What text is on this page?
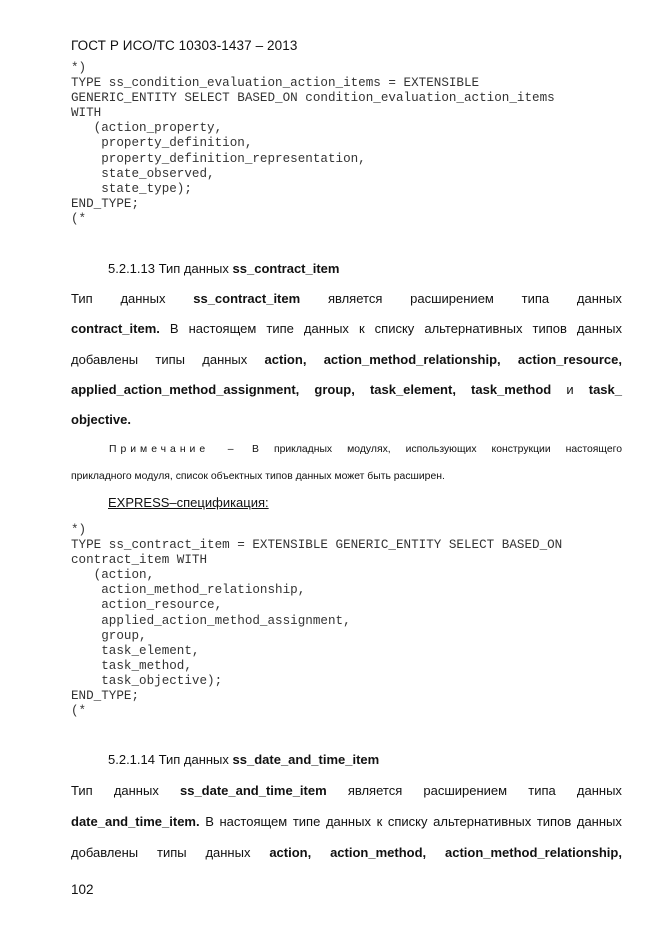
ГОСТ Р ИСО/ТС 10303-1437 – 2013
*)
TYPE ss_condition_evaluation_action_items = EXTENSIBLE
GENERIC_ENTITY SELECT BASED_ON condition_evaluation_action_items
WITH
(action_property,
property_definition,
property_definition_representation,
state_observed,
state_type);
END_TYPE;
(*
5.2.1.13 Тип данных ss_contract_item
Тип данных ss_contract_item является расширением типа данных
contract_item. В настоящем типе данных к списку альтернативных типов данных
добавлены типы данных action, action_method_relationship, action_resource,
applied_action_method_assignment, group, task_element, task_method и task_
objective.
Примечание – В прикладных модулях, использующих конструкции настоящего
прикладного модуля, список объектных типов данных может быть расширен.
EXPRESS–спецификация:
*)
TYPE ss_contract_item = EXTENSIBLE GENERIC_ENTITY SELECT BASED_ON
contract_item WITH
(action,
action_method_relationship,
action_resource,
applied_action_method_assignment,
group,
task_element,
task_method,
task_objective);
END_TYPE;
(*
5.2.1.14 Тип данных ss_date_and_time_item
Тип данных ss_date_and_time_item является расширением типа данных
date_and_time_item. В настоящем типе данных к списку альтернативных типов данных
добавлены типы данных action, action_method, action_method_relationship,
102
